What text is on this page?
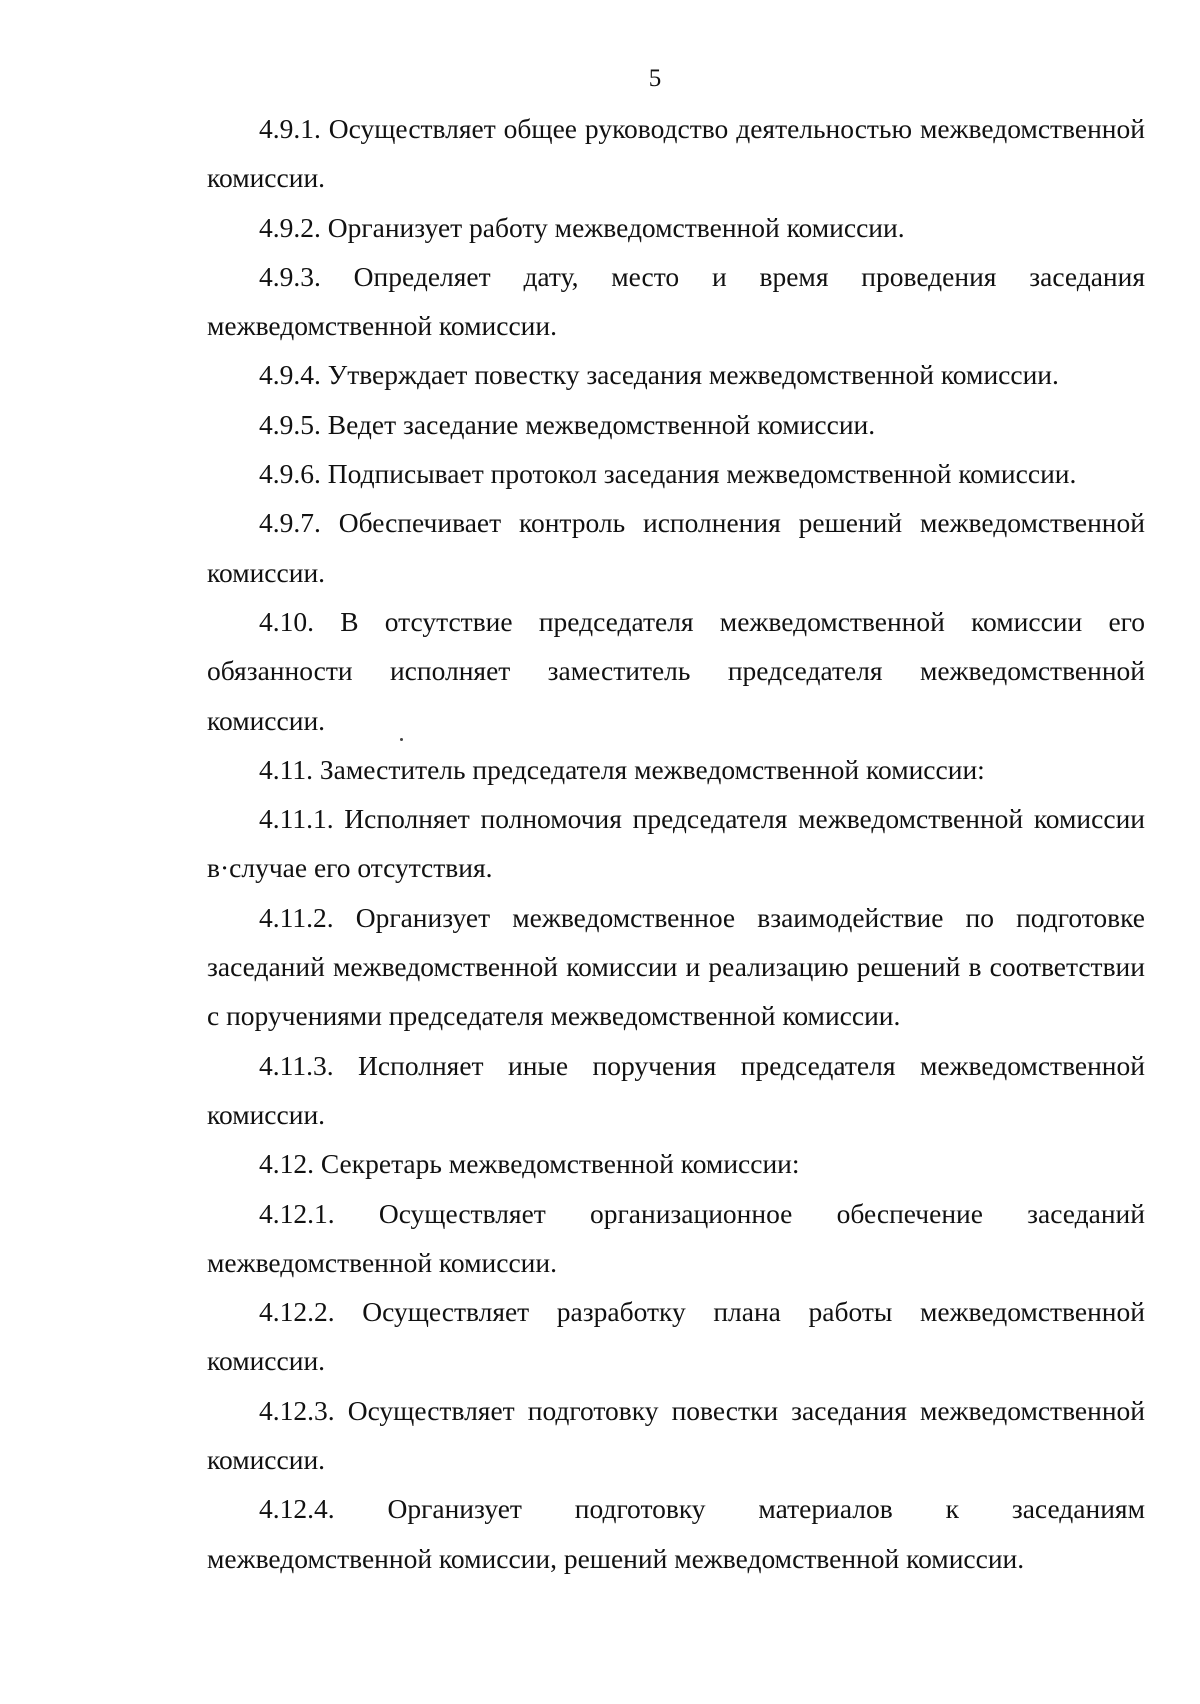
5

4.9.1. Осуществляет общее руководство деятельностью межведомственной комиссии.

4.9.2. Организует работу межведомственной комиссии.

4.9.3. Определяет дату, место и время проведения заседания межведомственной комиссии.

4.9.4. Утверждает повестку заседания межведомственной комиссии.

4.9.5. Ведет заседание межведомственной комиссии.

4.9.6. Подписывает протокол заседания межведомственной комиссии.

4.9.7. Обеспечивает контроль исполнения решений межведомственной комиссии.

4.10. В отсутствие председателя межведомственной комиссии его обязанности исполняет заместитель председателя межведомственной комиссии.

4.11. Заместитель председателя межведомственной комиссии:

4.11.1. Исполняет полномочия председателя межведомственной комиссии в·случае его отсутствия.

4.11.2. Организует межведомственное взаимодействие по подготовке заседаний межведомственной комиссии и реализацию решений в соответствии с поручениями председателя межведомственной комиссии.

4.11.3. Исполняет иные поручения председателя межведомственной комиссии.

4.12. Секретарь межведомственной комиссии:

4.12.1. Осуществляет организационное обеспечение заседаний межведомственной комиссии.

4.12.2. Осуществляет разработку плана работы межведомственной комиссии.

4.12.3. Осуществляет подготовку повестки заседания межведомственной комиссии.

4.12.4. Организует подготовку материалов к заседаниям межведомственной комиссии, решений межведомственной комиссии.
